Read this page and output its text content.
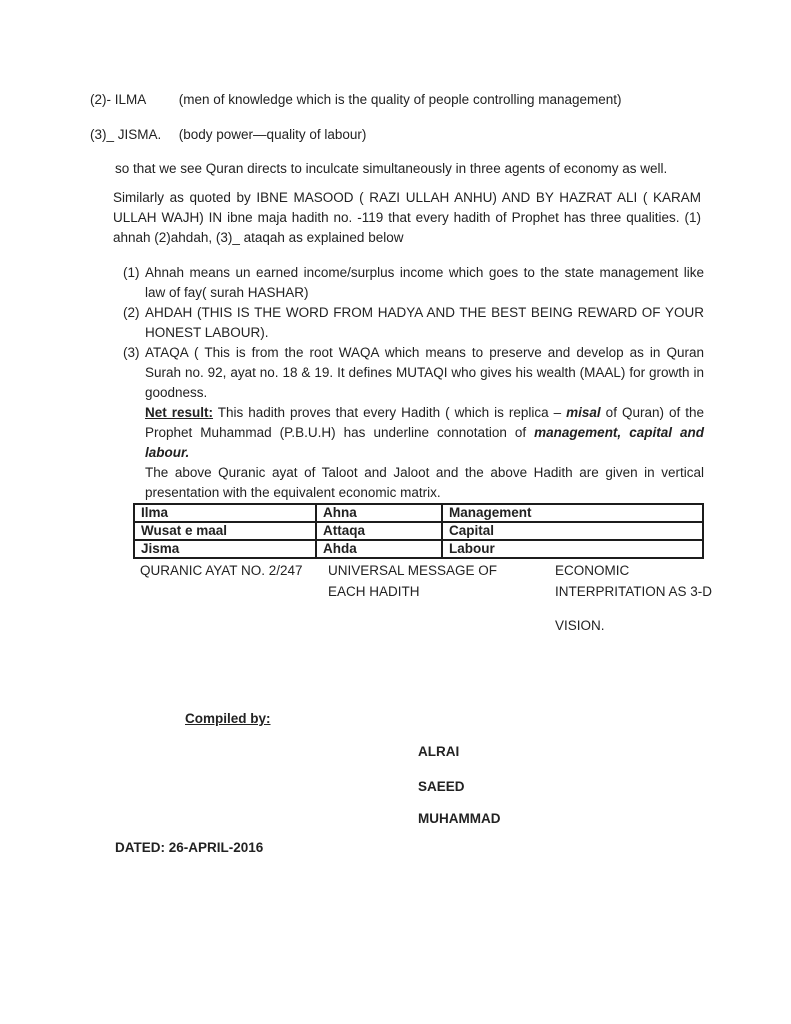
(2)- ILMA (men of knowledge which is the quality of people controlling management)
(3)_ JISMA. (body power—quality of labour)
so that we see Quran directs to inculcate simultaneously in three agents of economy as well.
Similarly as quoted by IBNE MASOOD ( RAZI ULLAH ANHU) AND BY HAZRAT ALI ( KARAM ULLAH WAJH) IN ibne maja hadith no. -119 that every hadith of Prophet has three qualities. (1) ahnah (2)ahdah, (3)_ ataqah as explained below
(1) Ahnah means un earned income/surplus income which goes to the state management like law of fay( surah HASHAR)
(2) AHDAH (THIS IS THE WORD FROM HADYA AND THE BEST BEING REWARD OF YOUR HONEST LABOUR).
(3) ATAQA ( This is from the root WAQA which means to preserve and develop as in Quran Surah no. 92, ayat no. 18 & 19. It defines MUTAQI who gives his wealth (MAAL) for growth in goodness.
Net result: This hadith proves that every Hadith ( which is replica – misal of Quran) of the Prophet Muhammad (P.B.U.H) has underline connotation of management, capital and labour.
The above Quranic ayat of Taloot and Jaloot and the above Hadith are given in vertical presentation with the equivalent economic matrix.
Ilma	Ahna	Management
Wusat e maal	Attaqa	Capital
Jisma	Ahda	Labour
QURANIC AYAT NO. 2/247 UNIVERSAL MESSAGE OF
EACH HADITH
ECONOMIC
INTERPRITATION AS 3-D
VISION.
Compiled by:
ALRAI
SAEED
MUHAMMAD
DATED: 26-APRIL-2016
